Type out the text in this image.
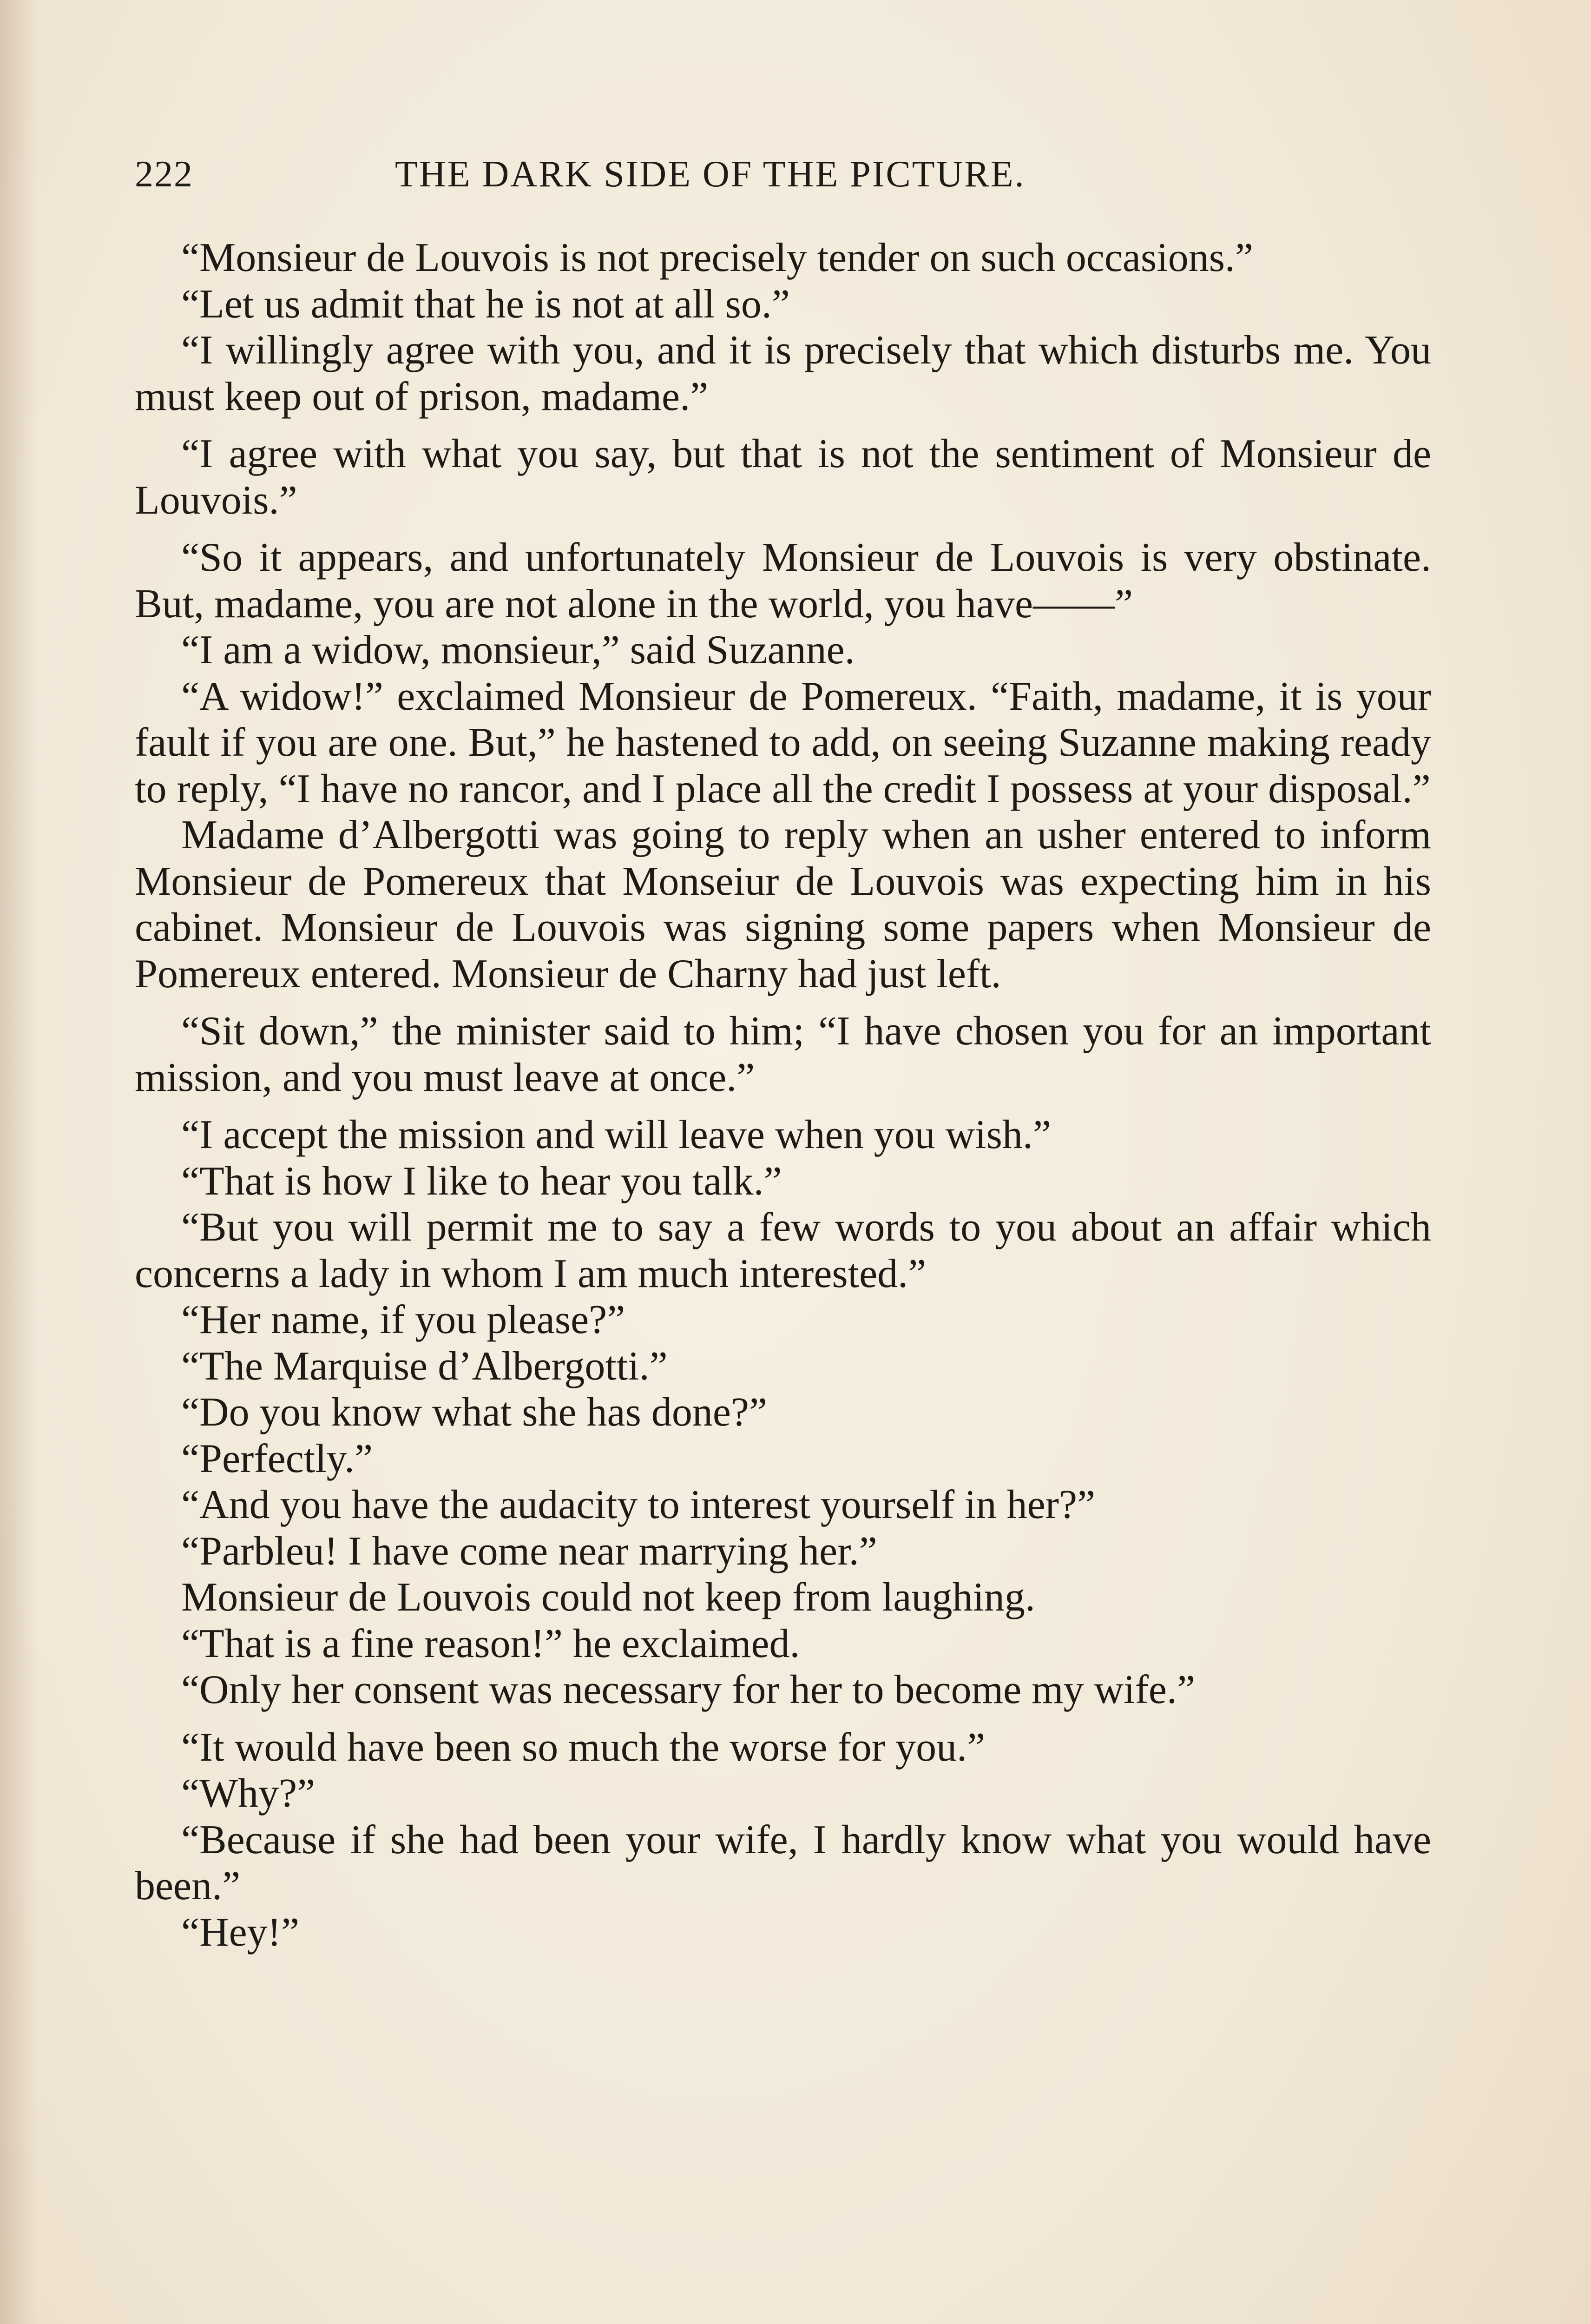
222	THE DARK SIDE OF THE PICTURE.

“Monsieur de Louvois is not precisely tender on such occasions.”

“Let us admit that he is not at all so.”

“I willingly agree with you, and it is precisely that which disturbs me. You must keep out of prison, madame.”

“I agree with what you say, but that is not the sentiment of Monsieur de Louvois.”

“So it appears, and unfortunately Monsieur de Louvois is very obstinate. But, madame, you are not alone in the world, you have——”

“I am a widow, monsieur,” said Suzanne.

“A widow!” exclaimed Monsieur de Pomereux. “Faith, madame, it is your fault if you are one. But,” he hastened to add, on seeing Suzanne making ready to reply, “I have no rancor, and I place all the credit I possess at your disposal.”

Madame d’Albergotti was going to reply when an usher entered to inform Monsieur de Pomereux that Monseiur de Louvois was expecting him in his cabinet. Monsieur de Louvois was signing some papers when Monsieur de Pomereux entered. Monsieur de Charny had just left.

“Sit down,” the minister said to him; “I have chosen you for an important mission, and you must leave at once.”

“I accept the mission and will leave when you wish.”

“That is how I like to hear you talk.”

“But you will permit me to say a few words to you about an affair which concerns a lady in whom I am much interested.”

“Her name, if you please?”

“The Marquise d’Albergotti.”

“Do you know what she has done?”

“Perfectly.”

“And you have the audacity to interest yourself in her?”

“Parbleu! I have come near marrying her.”

Monsieur de Louvois could not keep from laughing.

“That is a fine reason!” he exclaimed.

“Only her consent was necessary for her to become my wife.”

“It would have been so much the worse for you.”

“Why?”

“Because if she had been your wife, I hardly know what you would have been.”

“Hey!”
